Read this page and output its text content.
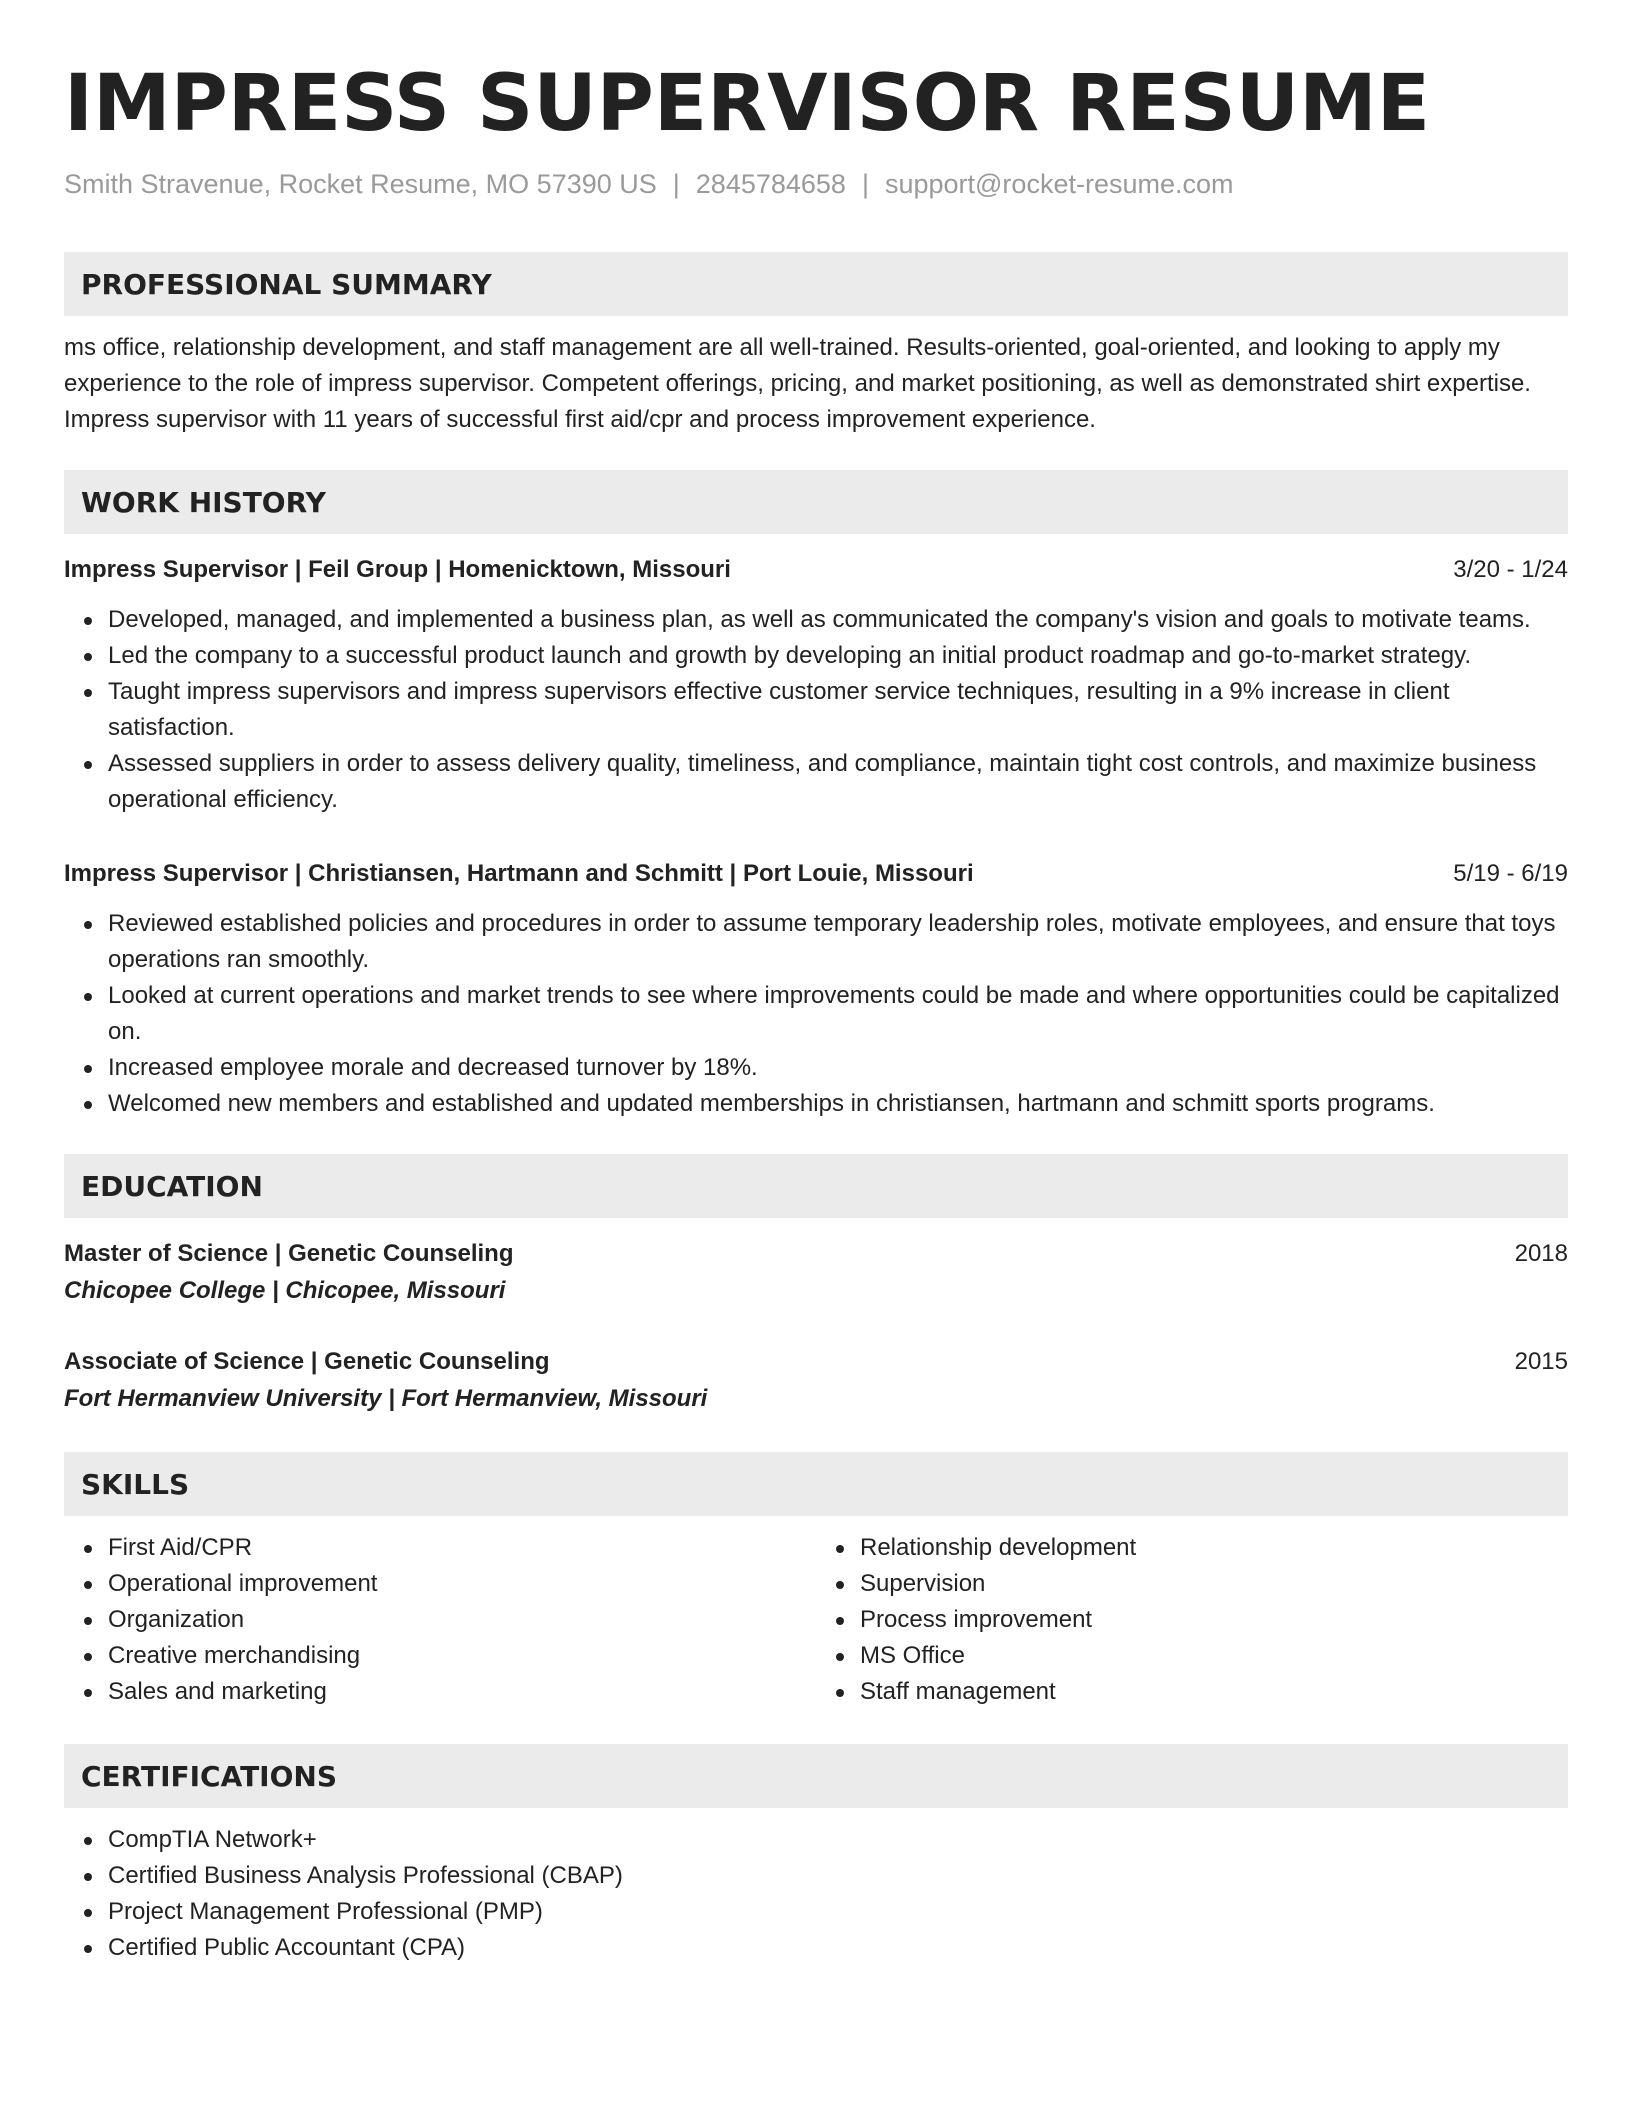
IMPRESS SUPERVISOR RESUME
Smith Stravenue, Rocket Resume, MO 57390 US | 2845784658 | support@rocket-resume.com
PROFESSIONAL SUMMARY
ms office, relationship development, and staff management are all well-trained. Results-oriented, goal-oriented, and looking to apply my experience to the role of impress supervisor. Competent offerings, pricing, and market positioning, as well as demonstrated shirt expertise. Impress supervisor with 11 years of successful first aid/cpr and process improvement experience.
WORK HISTORY
Impress Supervisor | Feil Group | Homenicktown, Missouri	3/20 - 1/24
Developed, managed, and implemented a business plan, as well as communicated the company's vision and goals to motivate teams.
Led the company to a successful product launch and growth by developing an initial product roadmap and go-to-market strategy.
Taught impress supervisors and impress supervisors effective customer service techniques, resulting in a 9% increase in client satisfaction.
Assessed suppliers in order to assess delivery quality, timeliness, and compliance, maintain tight cost controls, and maximize business operational efficiency.
Impress Supervisor | Christiansen, Hartmann and Schmitt | Port Louie, Missouri	5/19 - 6/19
Reviewed established policies and procedures in order to assume temporary leadership roles, motivate employees, and ensure that toys operations ran smoothly.
Looked at current operations and market trends to see where improvements could be made and where opportunities could be capitalized on.
Increased employee morale and decreased turnover by 18%.
Welcomed new members and established and updated memberships in christiansen, hartmann and schmitt sports programs.
EDUCATION
Master of Science | Genetic Counseling	2018
Chicopee College | Chicopee, Missouri
Associate of Science | Genetic Counseling	2015
Fort Hermanview University | Fort Hermanview, Missouri
SKILLS
First Aid/CPR
Operational improvement
Organization
Creative merchandising
Sales and marketing
Relationship development
Supervision
Process improvement
MS Office
Staff management
CERTIFICATIONS
CompTIA Network+
Certified Business Analysis Professional (CBAP)
Project Management Professional (PMP)
Certified Public Accountant (CPA)
